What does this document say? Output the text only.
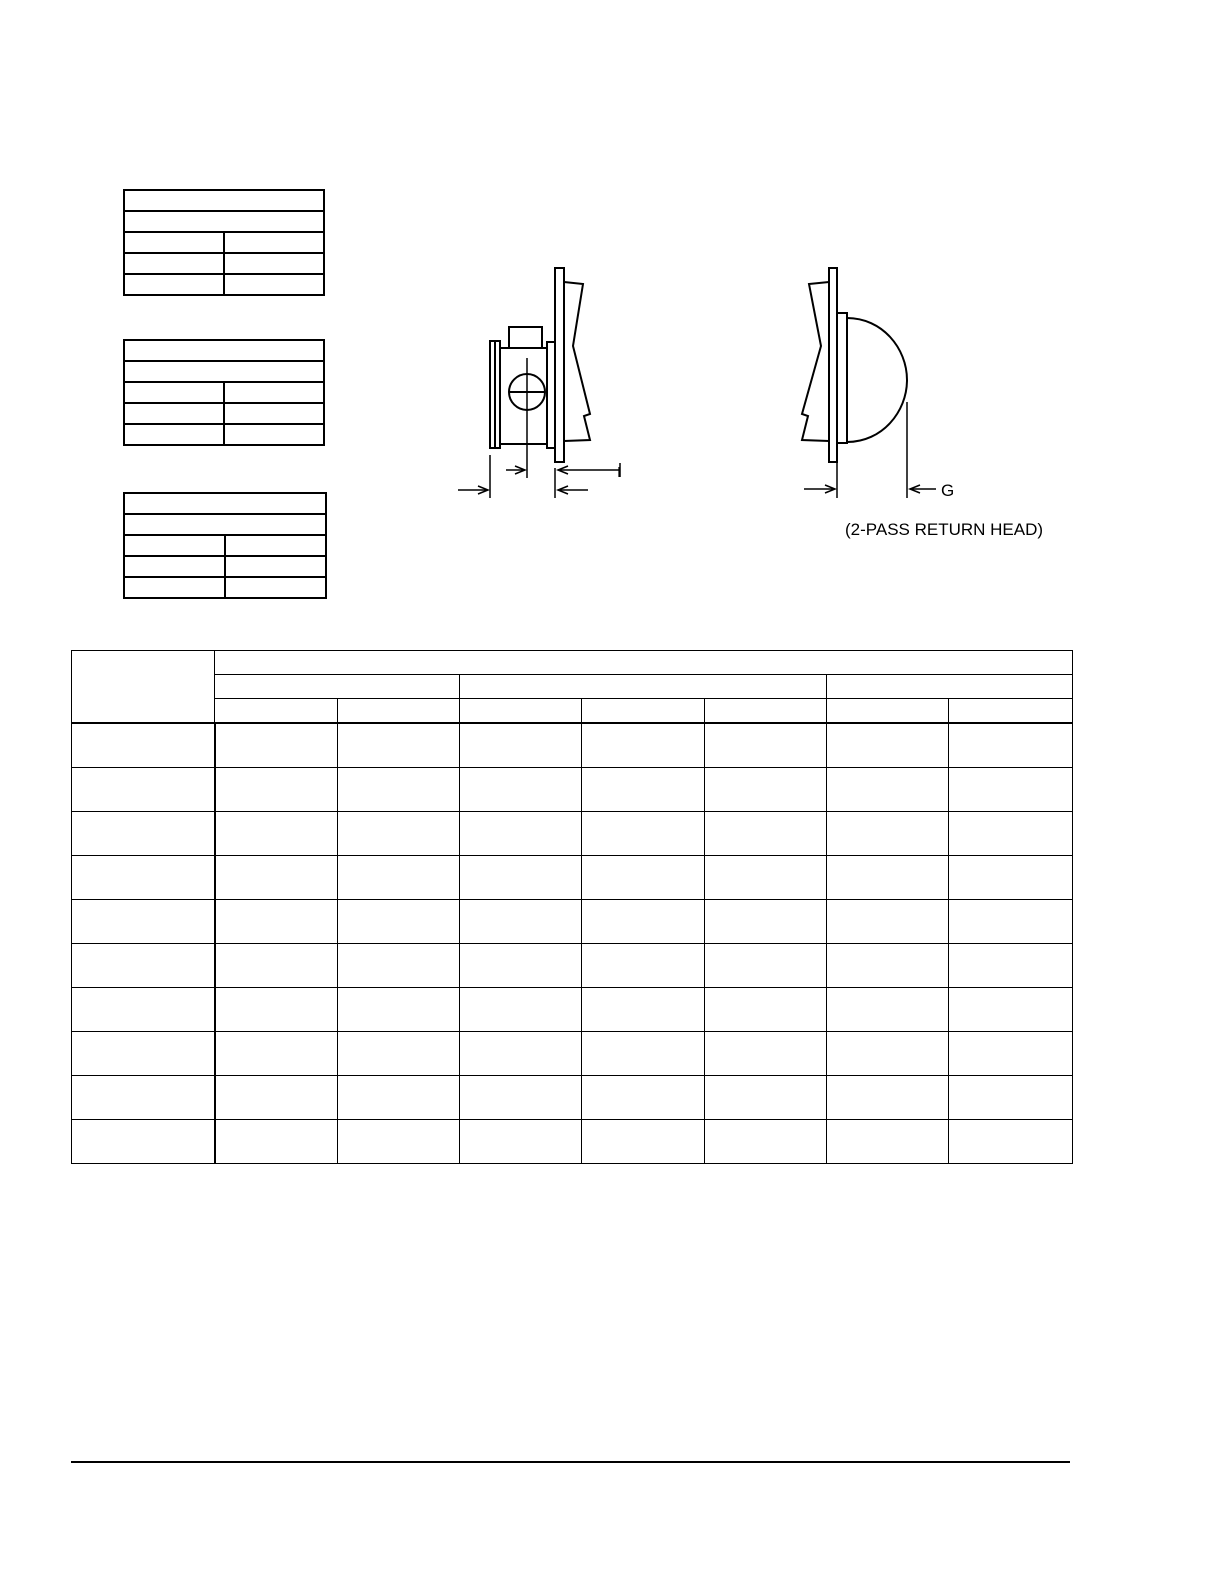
I
G
(2-PASS RETURN HEAD)
